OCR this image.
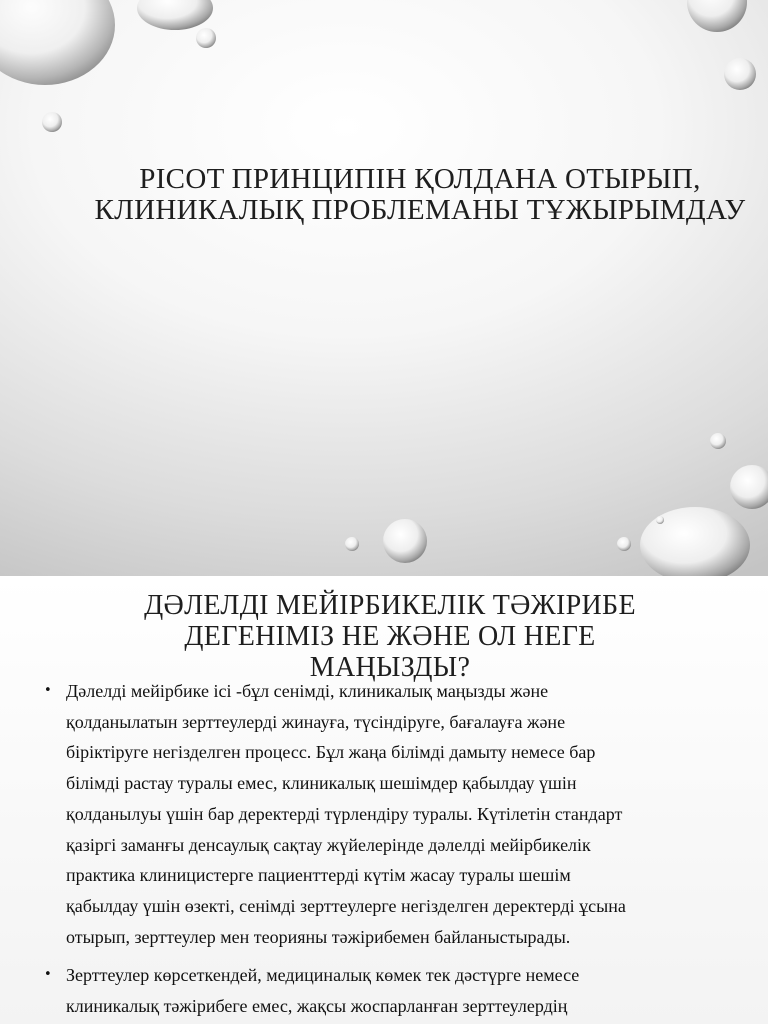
PICOT ПРИНЦИПІН ҚОЛДАНА ОТЫРЫП,
КЛИНИКАЛЫҚ ПРОБЛЕМАНЫ ТҰЖЫРЫМДАУ
ДӘЛЕЛДІ МЕЙІРБИКЕЛІК ТӘЖІРИБЕ
ДЕГЕНІМІЗ НЕ ЖӘНЕ ОЛ НЕГЕ
МАҢЫЗДЫ?
• Дәлелді мейірбике ісі -бұл сенімді, клиникалық маңызды және
қолданылатын зерттеулерді жинауға, түсіндіруге, бағалауға және
біріктіруге негізделген процесс. Бұл жаңа білімді дамыту немесе бар
білімді растау туралы емес, клиникалық шешімдер қабылдау үшін
қолданылуы үшін бар деректерді түрлендіру туралы. Күтілетін стандарт
қазіргі заманғы денсаулық сақтау жүйелерінде дәлелді мейірбикелік
практика клиницистерге пациенттерді күтім жасау туралы шешім
қабылдау үшін өзекті, сенімді зерттеулерге негізделген деректерді ұсына
отырып, зерттеулер мен теорияны тәжірибемен байланыстырады.
• Зерттеулер көрсеткендей, медициналық көмек тек дәстүрге немесе
клиникалық тәжірибеге емес, жақсы жоспарланған зерттеулердің
